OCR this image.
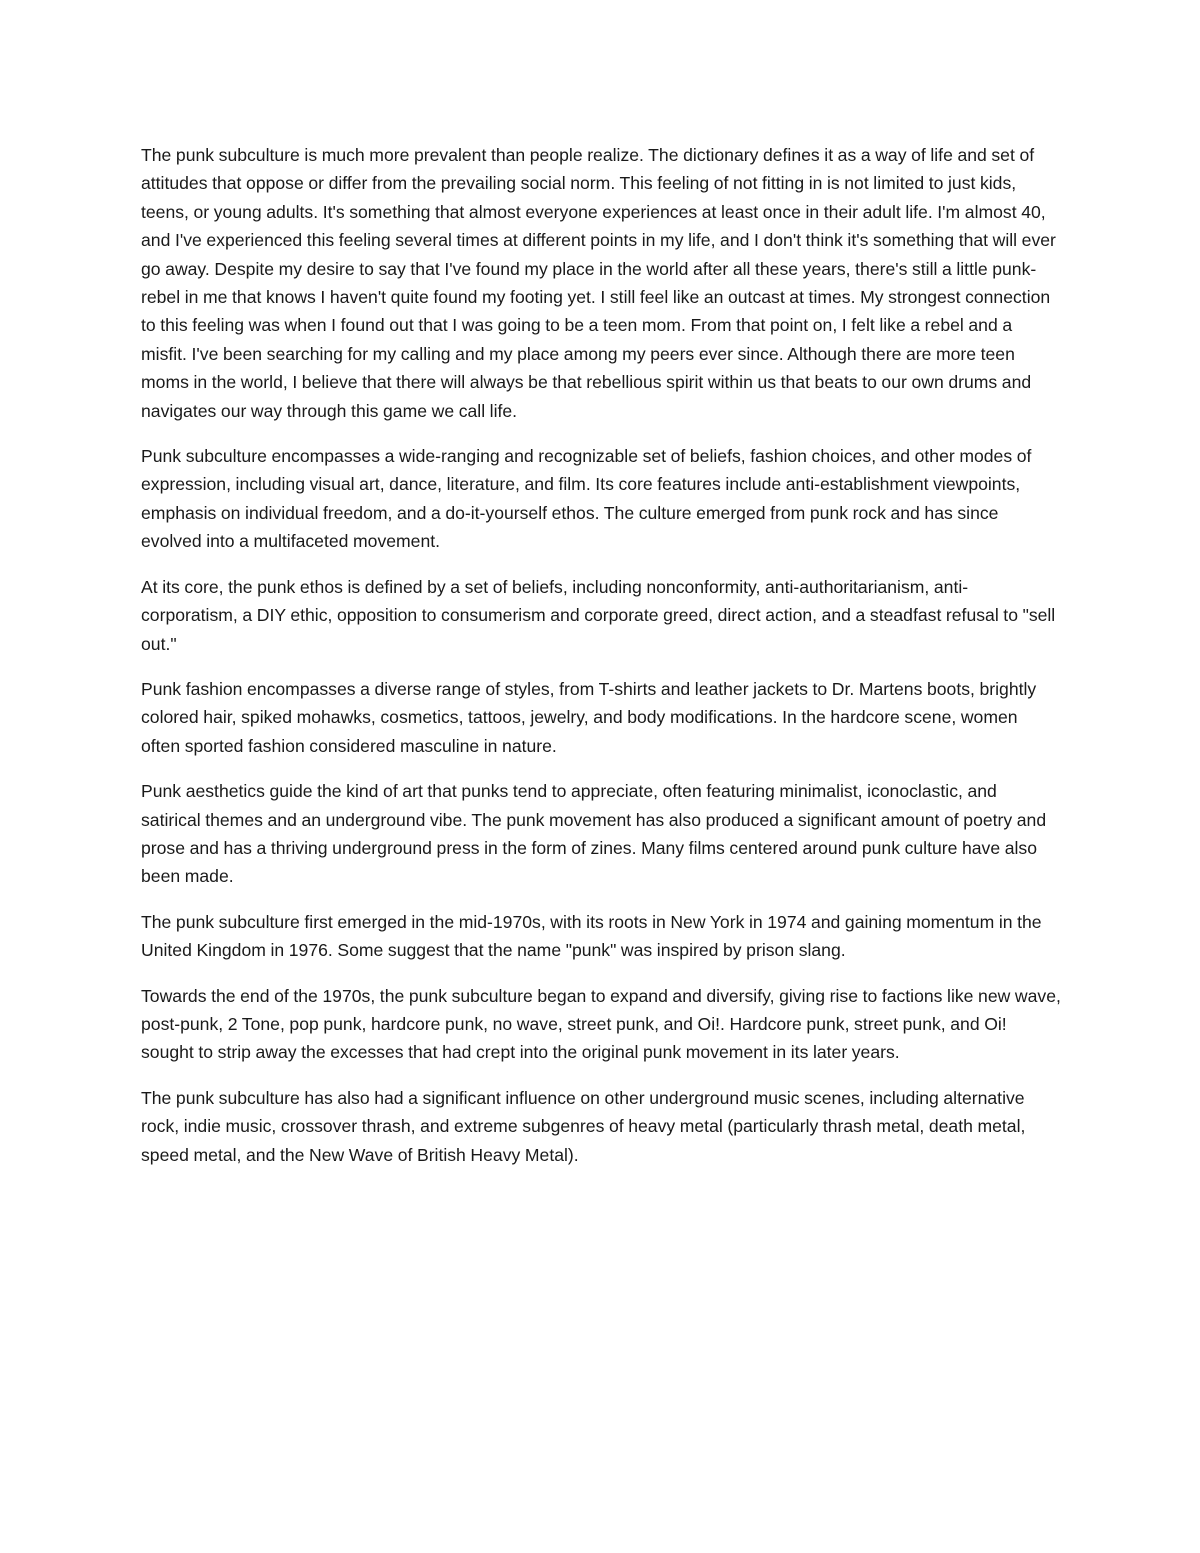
The punk subculture is much more prevalent than people realize. The dictionary defines it as a way of life and set of attitudes that oppose or differ from the prevailing social norm. This feeling of not fitting in is not limited to just kids, teens, or young adults. It's something that almost everyone experiences at least once in their adult life. I'm almost 40, and I've experienced this feeling several times at different points in my life, and I don't think it's something that will ever go away. Despite my desire to say that I've found my place in the world after all these years, there's still a little punk-rebel in me that knows I haven't quite found my footing yet. I still feel like an outcast at times. My strongest connection to this feeling was when I found out that I was going to be a teen mom. From that point on, I felt like a rebel and a misfit. I've been searching for my calling and my place among my peers ever since. Although there are more teen moms in the world, I believe that there will always be that rebellious spirit within us that beats to our own drums and navigates our way through this game we call life.

Punk subculture encompasses a wide-ranging and recognizable set of beliefs, fashion choices, and other modes of expression, including visual art, dance, literature, and film. Its core features include anti-establishment viewpoints, emphasis on individual freedom, and a do-it-yourself ethos. The culture emerged from punk rock and has since evolved into a multifaceted movement.

At its core, the punk ethos is defined by a set of beliefs, including nonconformity, anti-authoritarianism, anti-corporatism, a DIY ethic, opposition to consumerism and corporate greed, direct action, and a steadfast refusal to "sell out."

Punk fashion encompasses a diverse range of styles, from T-shirts and leather jackets to Dr. Martens boots, brightly colored hair, spiked mohawks, cosmetics, tattoos, jewelry, and body modifications. In the hardcore scene, women often sported fashion considered masculine in nature.

Punk aesthetics guide the kind of art that punks tend to appreciate, often featuring minimalist, iconoclastic, and satirical themes and an underground vibe. The punk movement has also produced a significant amount of poetry and prose and has a thriving underground press in the form of zines. Many films centered around punk culture have also been made.

The punk subculture first emerged in the mid-1970s, with its roots in New York in 1974 and gaining momentum in the United Kingdom in 1976. Some suggest that the name "punk" was inspired by prison slang.

Towards the end of the 1970s, the punk subculture began to expand and diversify, giving rise to factions like new wave, post-punk, 2 Tone, pop punk, hardcore punk, no wave, street punk, and Oi!. Hardcore punk, street punk, and Oi! sought to strip away the excesses that had crept into the original punk movement in its later years.

The punk subculture has also had a significant influence on other underground music scenes, including alternative rock, indie music, crossover thrash, and extreme subgenres of heavy metal (particularly thrash metal, death metal, speed metal, and the New Wave of British Heavy Metal).
